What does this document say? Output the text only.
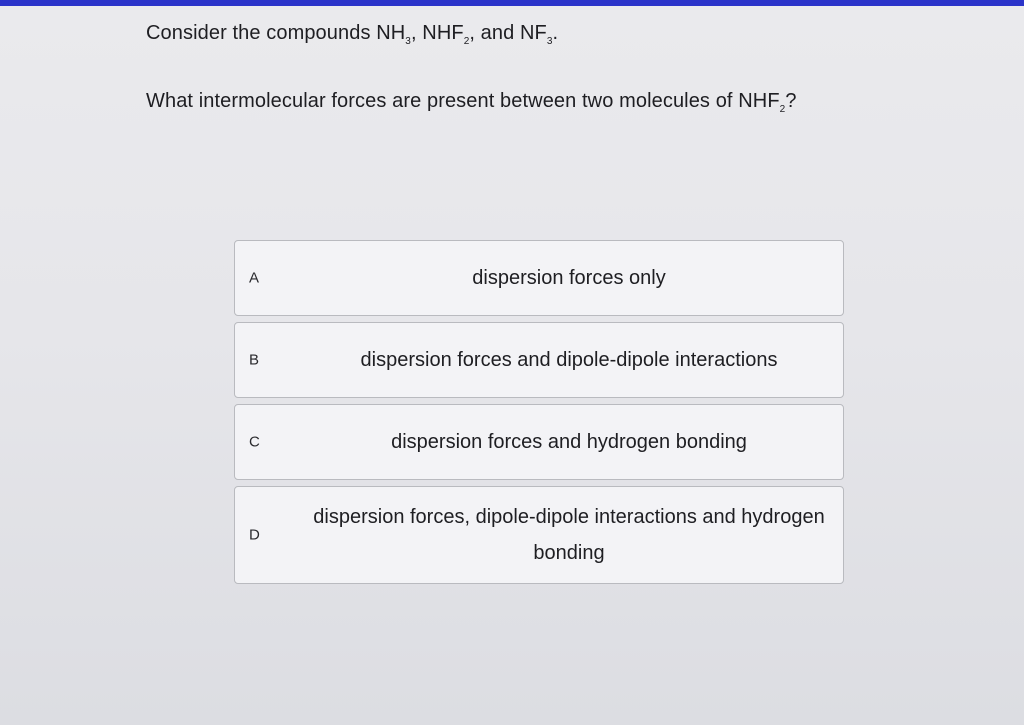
Consider the compounds $NH_3$, $NHF_2$, and $NF_3$.
What intermolecular forces are present between two molecules of $NHF_2$?
A	dispersion forces only
B	dispersion forces and dipole-dipole interactions
C	dispersion forces and hydrogen bonding
D
dispersion forces, dipole-dipole interactions and hydrogen bonding
